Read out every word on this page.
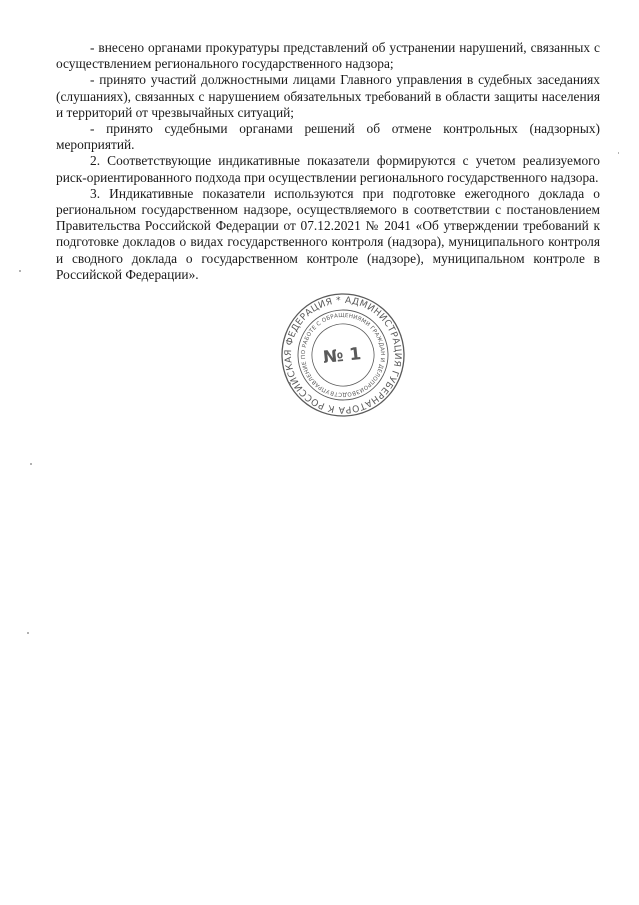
- внесено органами прокуратуры представлений об устранении нарушений, связанных с осуществлением регионального государственного надзора;

- принято участий должностными лицами Главного управления в судебных заседаниях (слушаниях), связанных с нарушением обязательных требований в области защиты населения и территорий от чрезвычайных ситуаций;

- принято судебными органами решений об отмене контрольных (надзорных) мероприятий.

2. Соответствующие индикативные показатели формируются с учетом реализуемого риск-ориентированного подхода при осуществлении регионального государственного надзора.

3. Индикативные показатели используются при подготовке ежегодного доклада о региональном государственном надзоре, осуществляемого в соответствии с постановлением Правительства Российской Федерации от 07.12.2021 № 2041 «Об утверждении требований к подготовке докладов о видах государственного контроля (надзора), муниципального контроля и сводного доклада о государственном контроле (надзоре), муниципальном контроле в Российской Федерации».

РОССИЙСКАЯ ФЕДЕРАЦИЯ * АДМИНИСТРАЦИЯ ГУБЕРНАТОРА КАЛУЖСКОЙ	УПРАВЛЕНИЕ ПО РАБОТЕ С ОБРАЩЕНИЯМИ ГРАЖДАН И ДЕЛОПРОИЗВОДСТВА
№ 1
